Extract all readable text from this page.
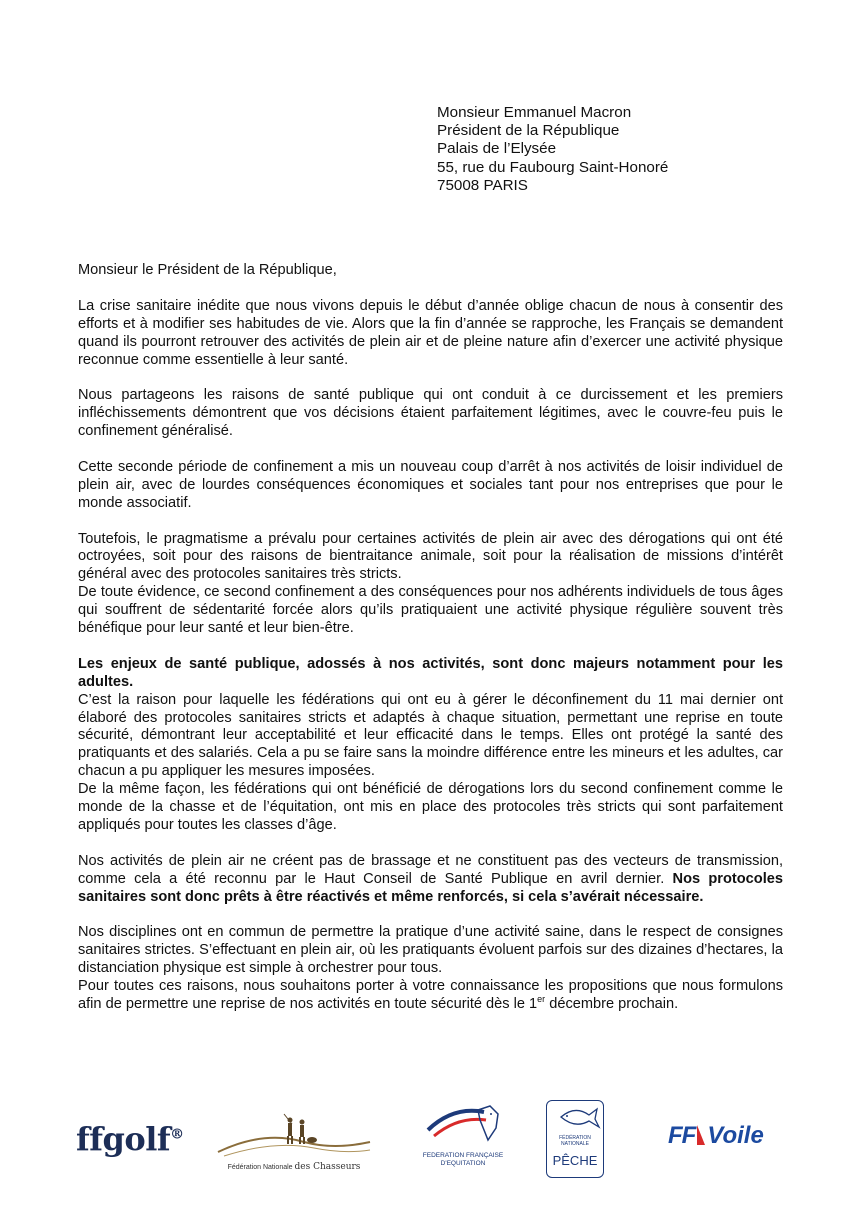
Monsieur Emmanuel Macron
Président de la République
Palais de l’Elysée
55, rue du Faubourg Saint-Honoré
75008 PARIS

Monsieur le Président de la République,

La crise sanitaire inédite que nous vivons depuis le début d’année oblige chacun de nous à consentir des efforts et à modifier ses habitudes de vie. Alors que la fin d’année se rapproche, les Français se demandent quand ils pourront retrouver des activités de plein air et de pleine nature afin d’exercer une activité physique reconnue comme essentielle à leur santé.

Nous partageons les raisons de santé publique qui ont conduit à ce durcissement et les premiers infléchissements démontrent que vos décisions étaient parfaitement légitimes, avec le couvre-feu puis le confinement généralisé.

Cette seconde période de confinement a mis un nouveau coup d’arrêt à nos activités de loisir individuel de plein air, avec de lourdes conséquences économiques et sociales tant pour nos entreprises que pour le monde associatif.

Toutefois, le pragmatisme a prévalu pour certaines activités de plein air avec des dérogations qui ont été octroyées, soit pour des raisons de bientraitance animale, soit pour la réalisation de missions d’intérêt général avec des protocoles sanitaires très stricts.

De toute évidence, ce second confinement a des conséquences pour nos adhérents individuels de tous âges qui souffrent de sédentarité forcée alors qu’ils pratiquaient une activité physique régulière souvent très bénéfique pour leur santé et leur bien-être.

Les enjeux de santé publique, adossés à nos activités, sont donc majeurs notamment pour les adultes.

C’est la raison pour laquelle les fédérations qui ont eu à gérer le déconfinement du 11 mai dernier ont élaboré des protocoles sanitaires stricts et adaptés à chaque situation, permettant une reprise en toute sécurité, démontrant leur acceptabilité et leur efficacité dans le temps. Elles ont protégé la santé des pratiquants et des salariés. Cela a pu se faire sans la moindre différence entre les mineurs et les adultes, car chacun a pu appliquer les mesures imposées.

De la même façon, les fédérations qui ont bénéficié de dérogations lors du second confinement comme le monde de la chasse et de l’équitation, ont mis en place des protocoles très stricts qui sont parfaitement appliqués pour toutes les classes d’âge.

Nos activités de plein air ne créent pas de brassage et ne constituent pas des vecteurs de transmission, comme cela a été reconnu par le Haut Conseil de Santé Publique en avril dernier. Nos protocoles sanitaires sont donc prêts à être réactivés et même renforcés, si cela s’avérait nécessaire.

Nos disciplines ont en commun de permettre la pratique d’une activité saine, dans le respect de consignes sanitaires strictes. S’effectuant en plein air, où les pratiquants évoluent parfois sur des dizaines d’hectares, la distanciation physique est simple à orchestrer pour tous.

Pour toutes ces raisons, nous souhaitons porter à votre connaissance les propositions que nous formulons afin de permettre une reprise de nos activités en toute sécurité dès le 1er décembre prochain.

ffgolf®
Fédération Nationale des Chasseurs
FEDERATION FRANÇAISE D'EQUITATION
FÉDÉRATION NATIONALE
PÊCHE
FF Voile
